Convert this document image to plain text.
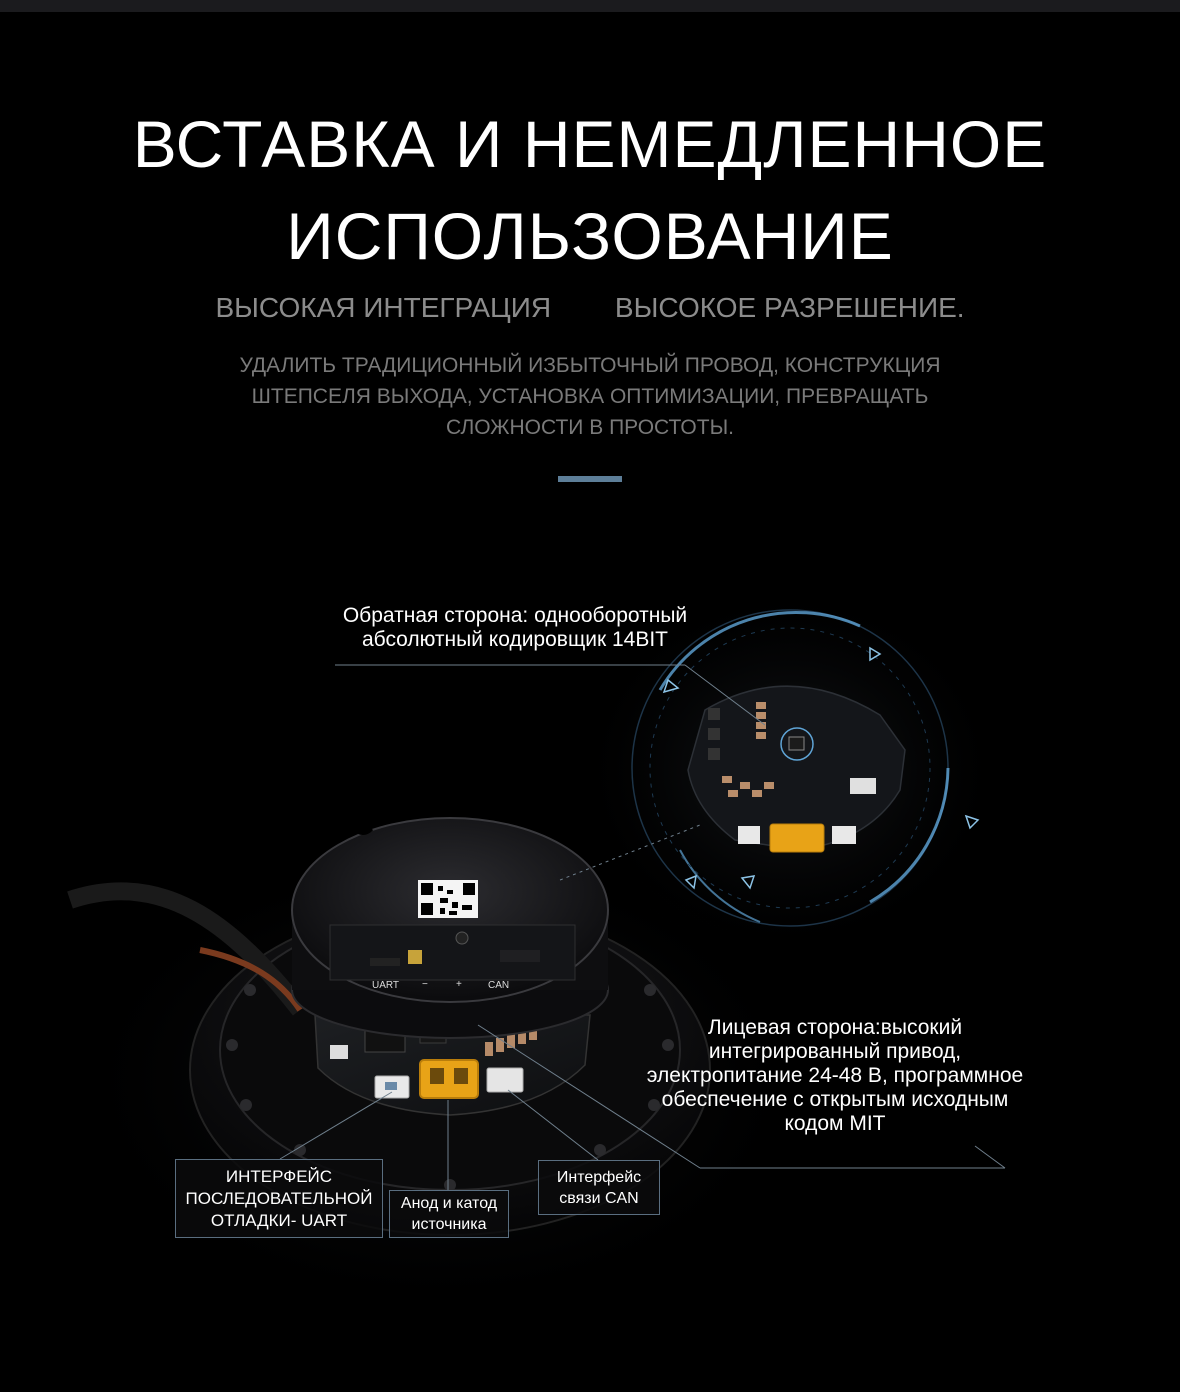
ВСТАВКА И НЕМЕДЛЕННОЕ
ИСПОЛЬЗОВАНИЕ
ВЫСОКАЯ ИНТЕГРАЦИЯ ВЫСОКОЕ РАЗРЕШЕНИЕ.
УДАЛИТЬ ТРАДИЦИОННЫЙ ИЗБЫТОЧНЫЙ ПРОВОД, КОНСТРУКЦИЯ ШТЕПСЕЛЯ ВЫХОДА, УСТАНОВКА ОПТИМИЗАЦИИ, ПРЕВРАЩАТЬ СЛОЖНОСТИ В ПРОСТОТЫ.
UART −	+	CAN
Обратная сторона: однооборотный абсолютный кодировщик 14BIT
Лицевая сторона:высокий интегрированный привод, электропитание 24-48 В, программное обеспечение с открытым исходным кодом MIT
ИНТЕРФЕЙС ПОСЛЕДОВАТЕЛЬНОЙ ОТЛАДКИ- UART
Анод и катод источника
Интерфейс связи CAN
